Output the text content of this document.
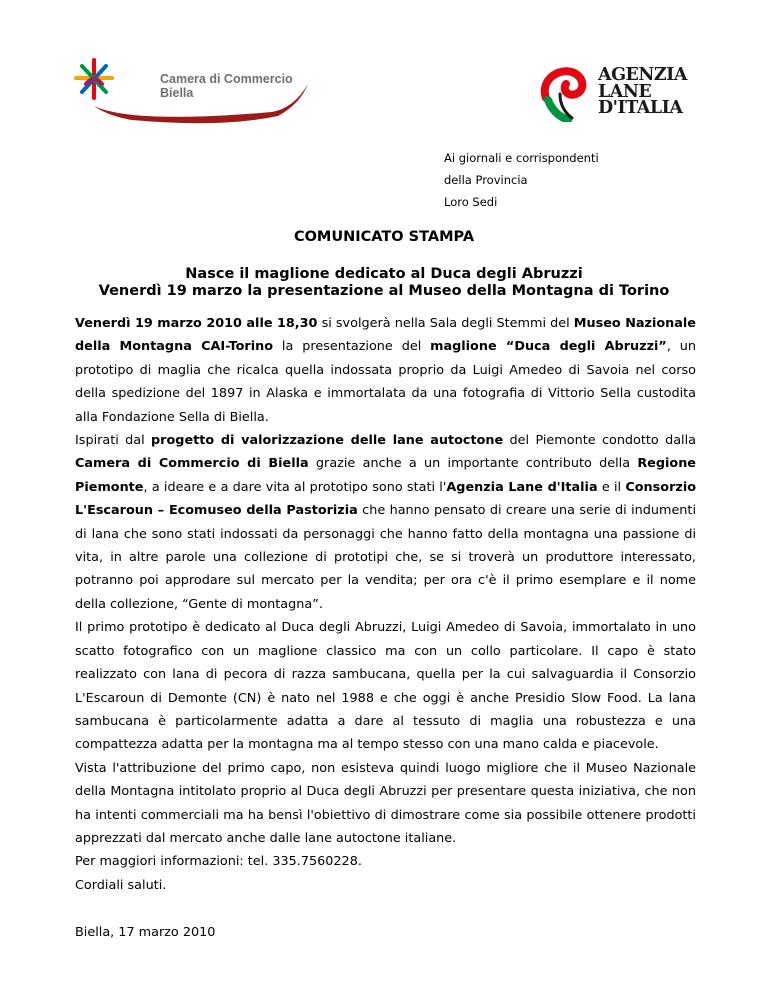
Camera di Commercio
Biella
AGENZIA
LANE
D'ITALIA
Ai giornali e corrispondenti
della Provincia
Loro Sedi
COMUNICATO STAMPA
Nasce il maglione dedicato al Duca degli Abruzzi
Venerdì 19 marzo la presentazione al Museo della Montagna di Torino

Venerdì 19 marzo 2010 alle 18,30 si svolgerà nella Sala degli Stemmi del Museo Nazionale della Montagna CAI-Torino la presentazione del maglione “Duca degli Abruzzi”, un prototipo di maglia che ricalca quella indossata proprio da Luigi Amedeo di Savoia nel corso della spedizione del 1897 in Alaska e immortalata da una fotografia di Vittorio Sella custodita alla Fondazione Sella di Biella.

Ispirati dal progetto di valorizzazione delle lane autoctone del Piemonte condotto dalla Camera di Commercio di Biella grazie anche a un importante contributo della Regione Piemonte, a ideare e a dare vita al prototipo sono stati l'Agenzia Lane d'Italia e il Consorzio L'Escaroun – Ecomuseo della Pastorizia che hanno pensato di creare una serie di indumenti di lana che sono stati indossati da personaggi che hanno fatto della montagna una passione di vita, in altre parole una collezione di prototipi che, se si troverà un produttore interessato, potranno poi approdare sul mercato per la vendita; per ora c'è il primo esemplare e il nome della collezione, “Gente di montagna”.

Il primo prototipo è dedicato al Duca degli Abruzzi, Luigi Amedeo di Savoia, immortalato in uno scatto fotografico con un maglione classico ma con un collo particolare. Il capo è stato realizzato con lana di pecora di razza sambucana, quella per la cui salvaguardia il Consorzio L'Escaroun di Demonte (CN) è nato nel 1988 e che oggi è anche Presidio Slow Food. La lana sambucana è particolarmente adatta a dare al tessuto di maglia una robustezza e una compattezza adatta per la montagna ma al tempo stesso con una mano calda e piacevole.

Vista l'attribuzione del primo capo, non esisteva quindi luogo migliore che il Museo Nazionale della Montagna intitolato proprio al Duca degli Abruzzi per presentare questa iniziativa, che non ha intenti commerciali ma ha bensì l'obiettivo di dimostrare come sia possibile ottenere prodotti apprezzati dal mercato anche dalle lane autoctone italiane.

Per maggiori informazioni: tel. 335.7560228.

Cordiali saluti.

Biella, 17 marzo 2010
